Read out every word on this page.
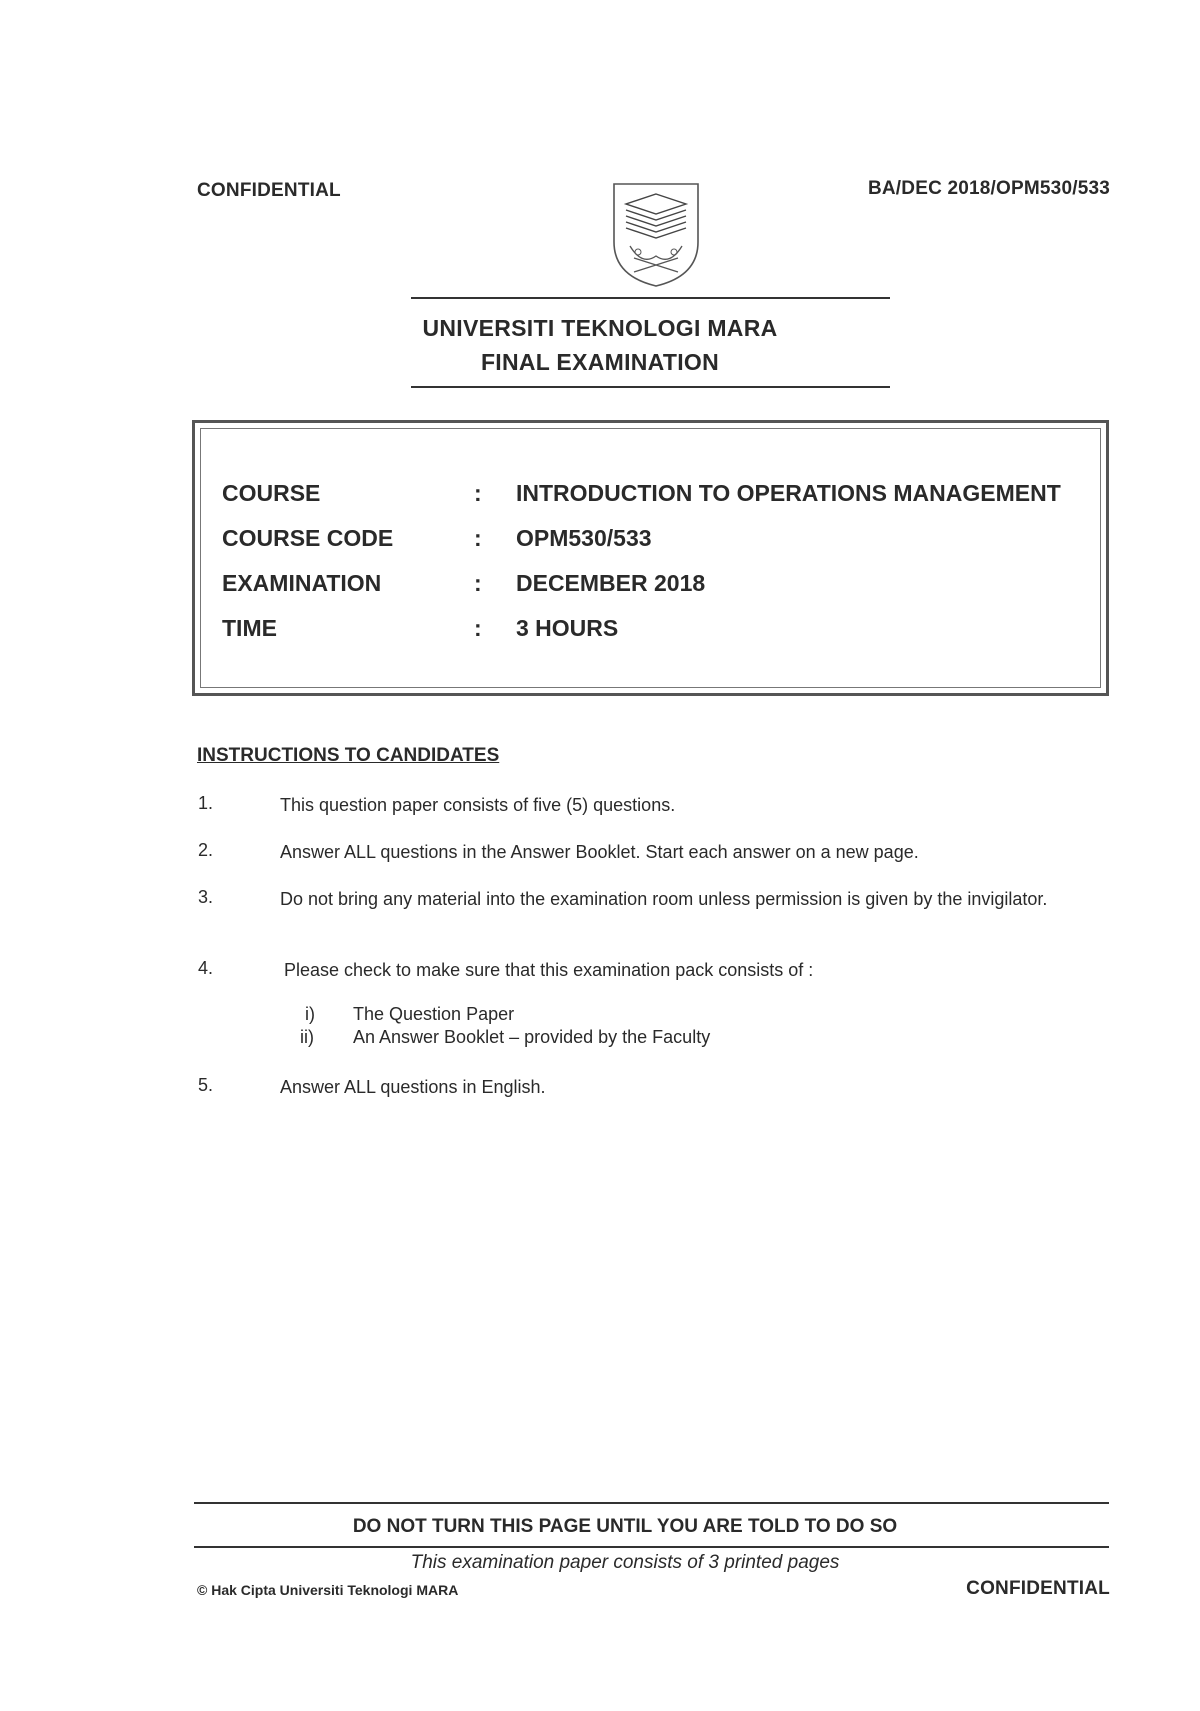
CONFIDENTIAL	BA/DEC 2018/OPM530/533
UNIVERSITI TEKNOLOGI MARA
FINAL EXAMINATION
COURSE	: INTRODUCTION TO OPERATIONS MANAGEMENT
COURSE CODE	: OPM530/533
EXAMINATION	: DECEMBER 2018
TIME	: 3 HOURS
INSTRUCTIONS TO CANDIDATES
1.	This question paper consists of five (5) questions.
2.	Answer ALL questions in the Answer Booklet. Start each answer on a new page.
3.	Do not bring any material into the examination room unless permission is given by the invigilator.
4.	Please check to make sure that this examination pack consists of :
i) The Question Paper
ii) An Answer Booklet – provided by the Faculty
5.	Answer ALL questions in English.
DO NOT TURN THIS PAGE UNTIL YOU ARE TOLD TO DO SO
This examination paper consists of 3 printed pages
© Hak Cipta Universiti Teknologi MARA	CONFIDENTIAL
